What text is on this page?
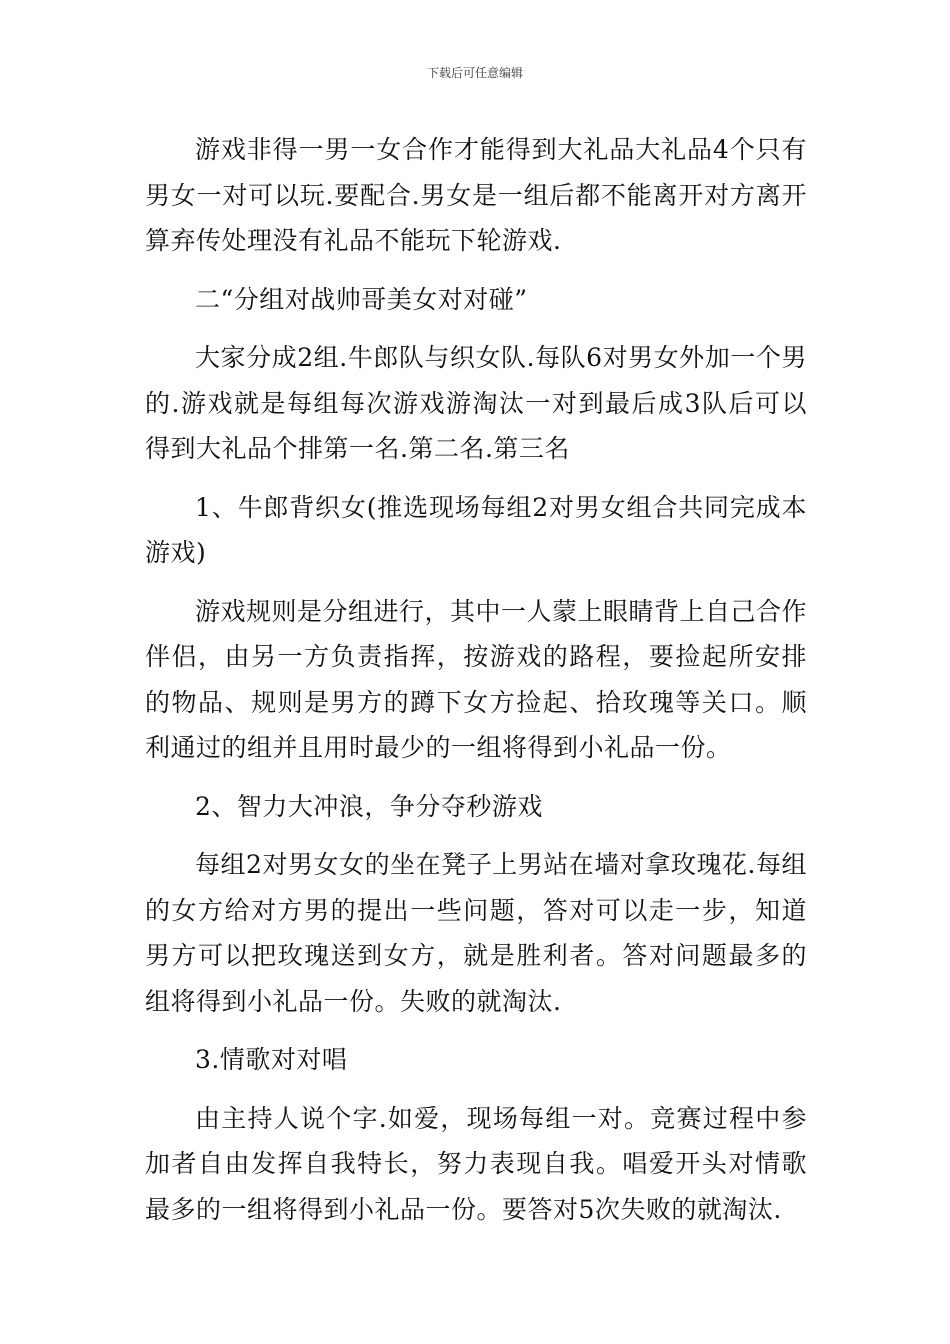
下载后可任意编辑

游戏非得一男一女合作才能得到大礼品大礼品4个只有男女一对可以玩.要配合.男女是一组后都不能离开对方离开算弃传处理没有礼品不能玩下轮游戏.

二“分组对战帅哥美女对对碰”

大家分成2组.牛郎队与织女队.每队6对男女外加一个男的.游戏就是每组每次游戏游淘汰一对到最后成3队后可以得到大礼品个排第一名.第二名.第三名

1、牛郎背织女(推选现场每组2对男女组合共同完成本游戏)

游戏规则是分组进行，其中一人蒙上眼睛背上自己合作伴侣，由另一方负责指挥，按游戏的路程，要捡起所安排的物品、规则是男方的蹲下女方捡起、拾玫瑰等关口。顺利通过的组并且用时最少的一组将得到小礼品一份。

2、智力大冲浪，争分夺秒游戏

每组2对男女女的坐在凳子上男站在墙对拿玫瑰花.每组的女方给对方男的提出一些问题，答对可以走一步，知道男方可以把玫瑰送到女方，就是胜利者。答对问题最多的组将得到小礼品一份。失败的就淘汰.

3.情歌对对唱

由主持人说个字.如爱，现场每组一对。竞赛过程中参加者自由发挥自我特长，努力表现自我。唱爱开头对情歌最多的一组将得到小礼品一份。要答对5次失败的就淘汰.
